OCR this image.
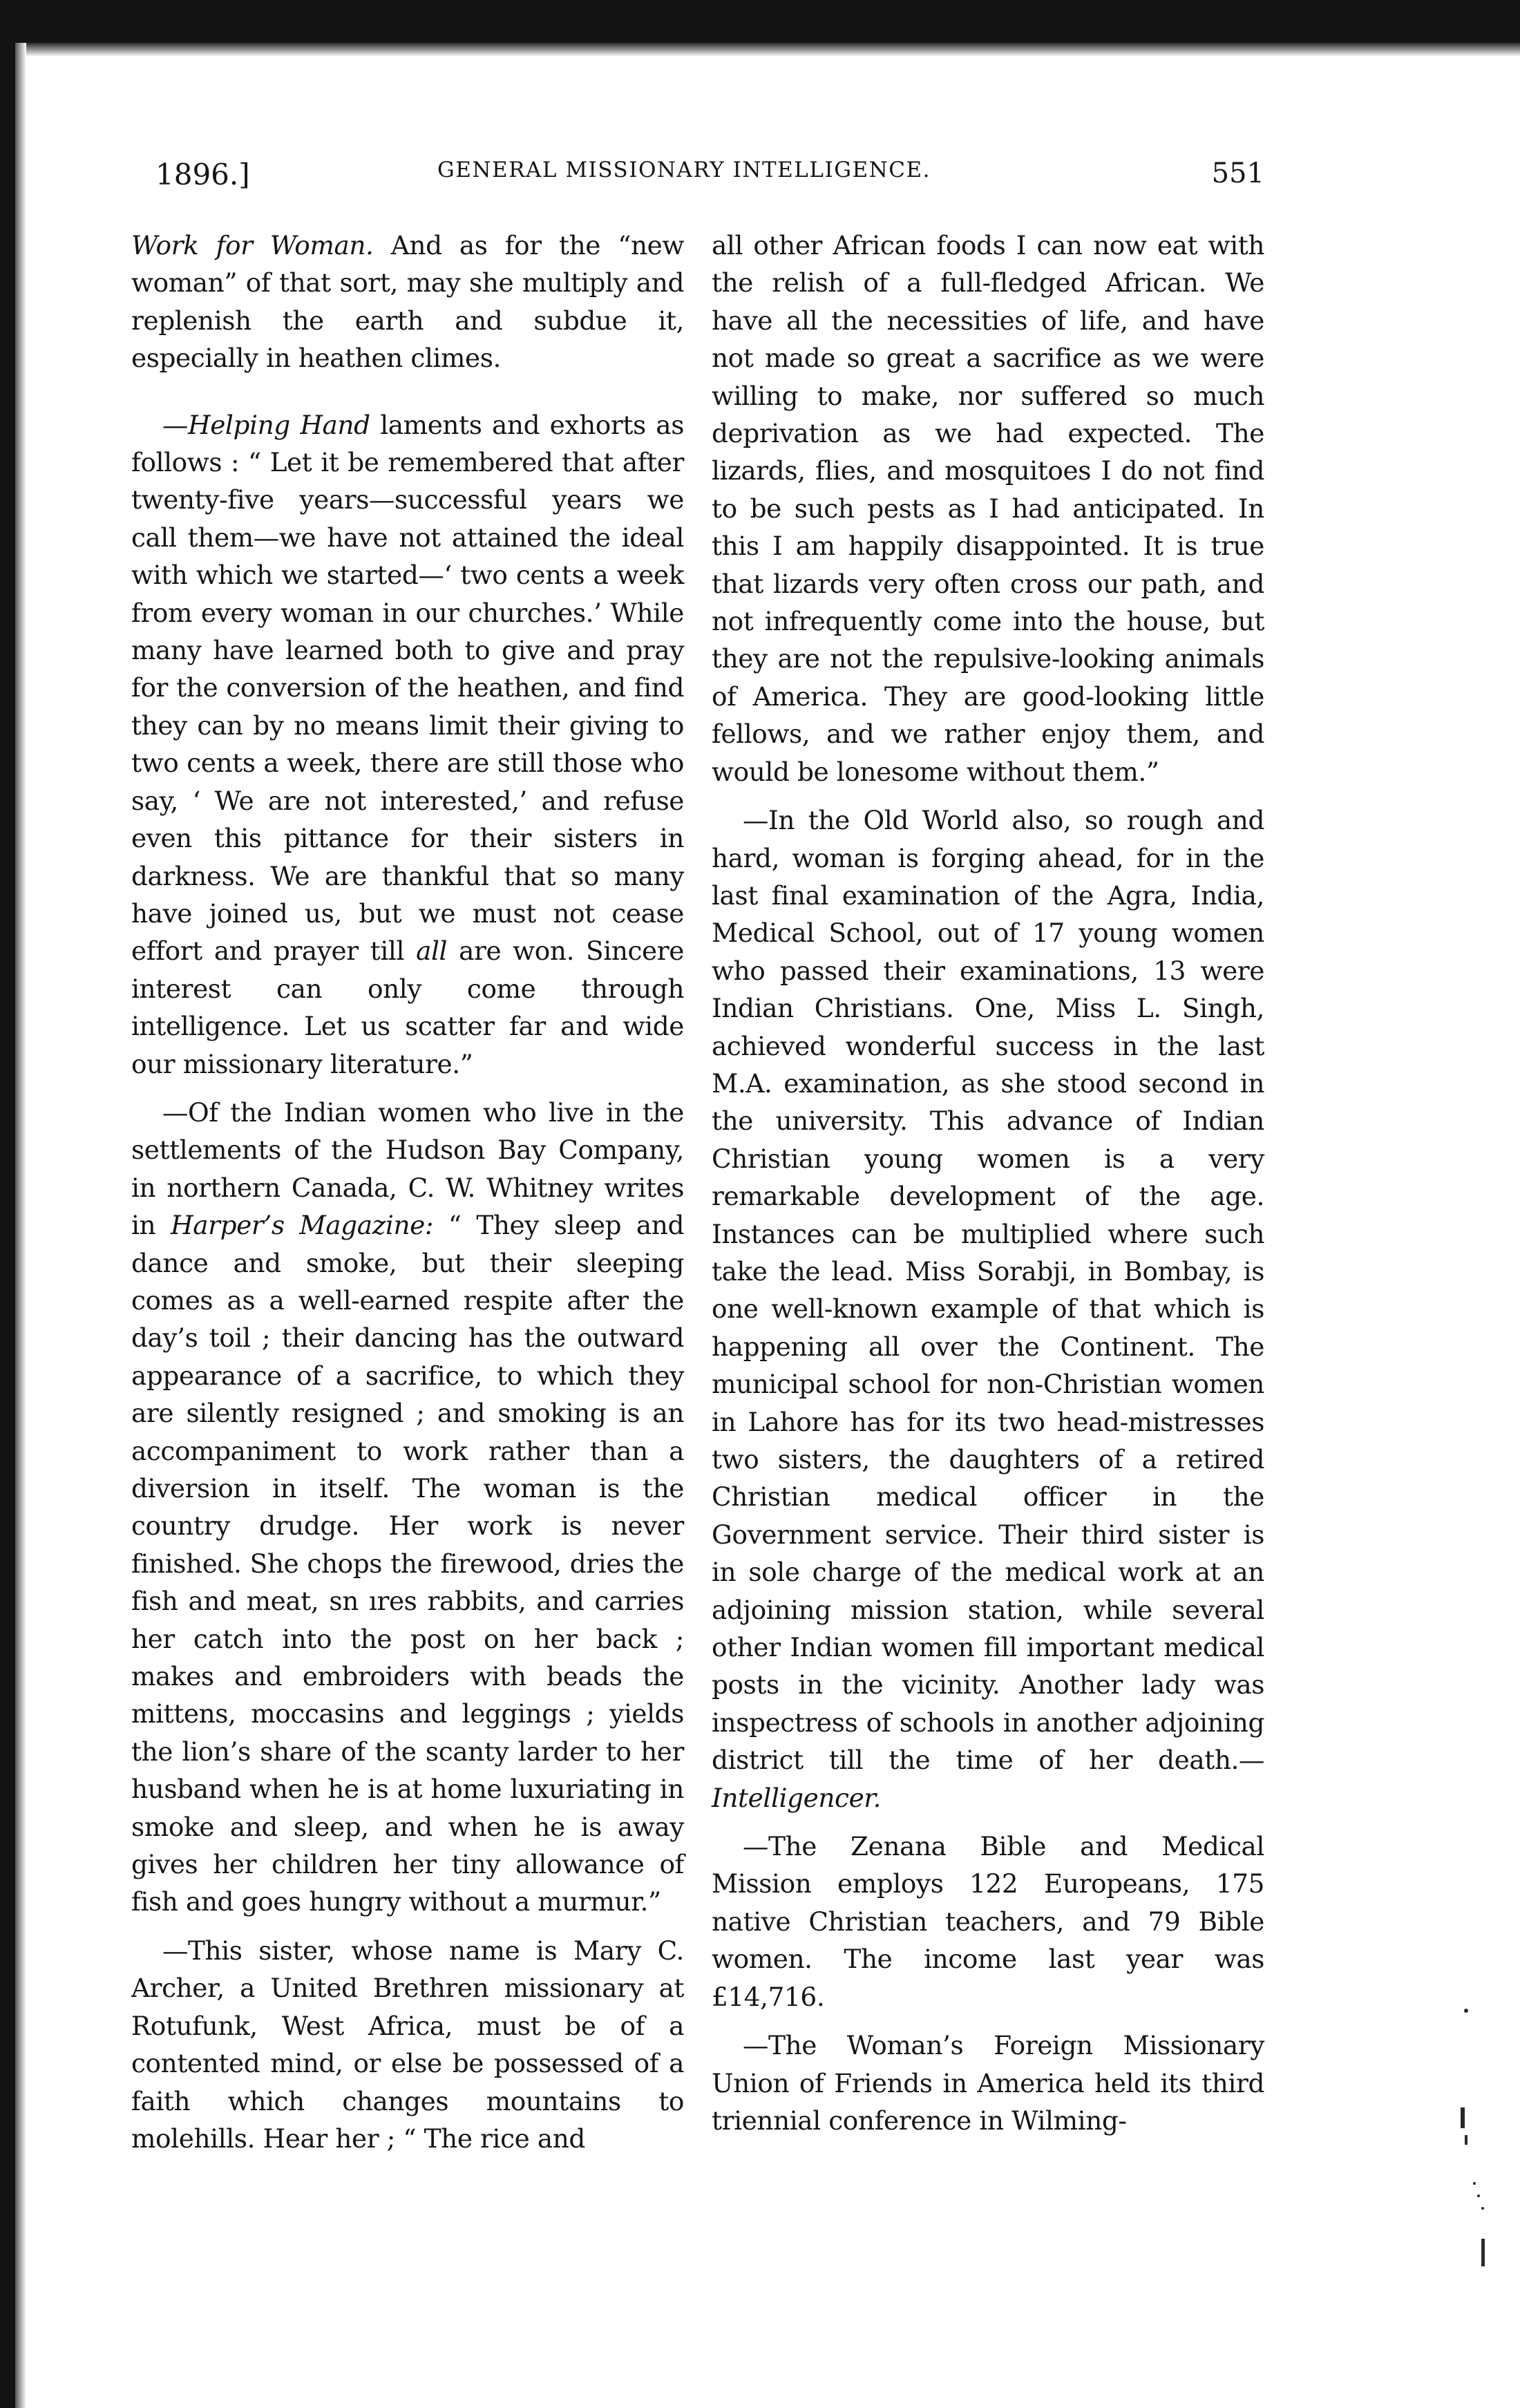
1896.]	GENERAL MISSIONARY INTELLIGENCE.	551

Work for Woman. And as for the “new woman” of that sort, may she multiply and replenish the earth and subdue it, especially in heathen climes.

—Helping Hand laments and exhorts as follows : “ Let it be remembered that after twenty-five years—successful years we call them—we have not attained the ideal with which we started—‘ two cents a week from every woman in our churches.’ While many have learned both to give and pray for the conversion of the heathen, and find they can by no means limit their giving to two cents a week, there are still those who say, ‘ We are not interested,’ and refuse even this pittance for their sisters in darkness. We are thankful that so many have joined us, but we must not cease effort and prayer till all are won. Sincere interest can only come through intelligence. Let us scatter far and wide our missionary literature.”

—Of the Indian women who live in the settlements of the Hudson Bay Company, in northern Canada, C. W. Whitney writes in Harper’s Magazine: “ They sleep and dance and smoke, but their sleeping comes as a well-earned respite after the day’s toil ; their dancing has the outward appearance of a sacrifice, to which they are silently resigned ; and smoking is an accompaniment to work rather than a diversion in itself. The woman is the country drudge. Her work is never finished. She chops the firewood, dries the fish and meat, sn ıres rabbits, and carries her catch into the post on her back ; makes and embroiders with beads the mittens, moccasins and leggings ; yields the lion’s share of the scanty larder to her husband when he is at home luxuriating in smoke and sleep, and when he is away gives her children her tiny allowance of fish and goes hungry without a murmur.”

—This sister, whose name is Mary C. Archer, a United Brethren missionary at Rotufunk, West Africa, must be of a contented mind, or else be possessed of a faith which changes mountains to molehills. Hear her ; “ The rice and

all other African foods I can now eat with the relish of a full-fledged African. We have all the necessities of life, and have not made so great a sacrifice as we were willing to make, nor suffered so much deprivation as we had expected. The lizards, flies, and mosquitoes I do not find to be such pests as I had anticipated. In this I am happily disappointed. It is true that lizards very often cross our path, and not infrequently come into the house, but they are not the repulsive-looking animals of America. They are good-looking little fellows, and we rather enjoy them, and would be lonesome without them.”

—In the Old World also, so rough and hard, woman is forging ahead, for in the last final examination of the Agra, India, Medical School, out of 17 young women who passed their examinations, 13 were Indian Christians. One, Miss L. Singh, achieved wonderful success in the last M.A. examination, as she stood second in the university. This advance of Indian Christian young women is a very remarkable development of the age. Instances can be multiplied where such take the lead. Miss Sorabji, in Bombay, is one well-known example of that which is happening all over the Continent. The municipal school for non-Christian women in Lahore has for its two head-mistresses two sisters, the daughters of a retired Christian medical officer in the Government service. Their third sister is in sole charge of the medical work at an adjoining mission station, while several other Indian women fill important medical posts in the vicinity. Another lady was inspectress of schools in another adjoining district till the time of her death.—Intelligencer.

—The Zenana Bible and Medical Mission employs 122 Europeans, 175 native Christian teachers, and 79 Bible women. The income last year was £14,716.

—The Woman’s Foreign Missionary Union of Friends in America held its third triennial conference in Wilming-
